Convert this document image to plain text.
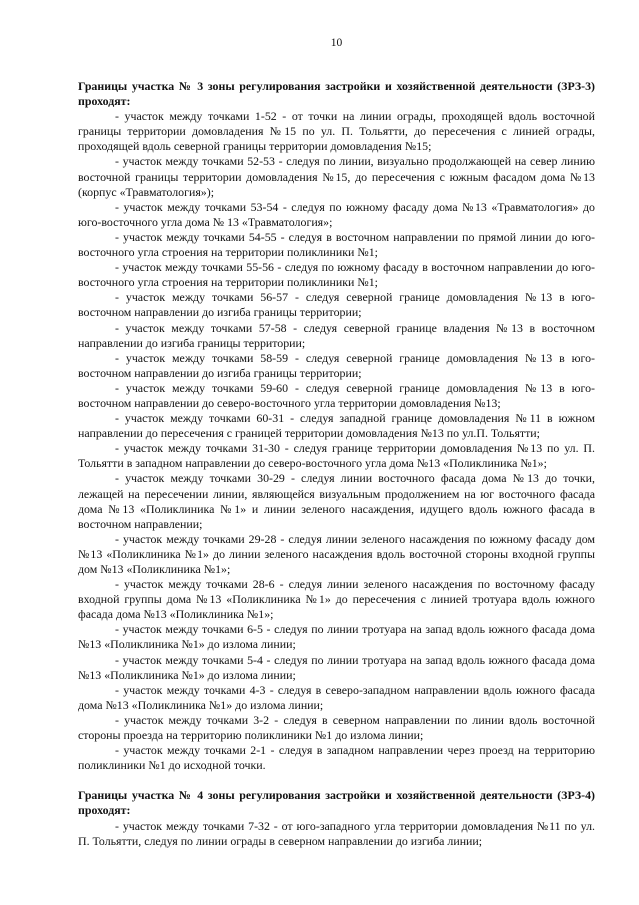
10

Границы участка № 3 зоны регулирования застройки и хозяйственной деятельности (ЗРЗ-3) проходят:

- участок между точками 1-52 - от точки на линии ограды, проходящей вдоль восточной границы территории домовладения №15 по ул. П. Тольятти, до пересечения с линией ограды, проходящей вдоль северной границы территории домовладения №15;

- участок между точками 52-53 - следуя по линии, визуально продолжающей на север линию восточной границы территории домовладения №15, до пересечения с южным фасадом дома №13 (корпус «Травматология»);

- участок между точками 53-54 - следуя по южному фасаду дома №13 «Травматология» до юго-восточного угла дома № 13 «Травматология»;

- участок между точками 54-55 - следуя в восточном направлении по прямой линии до юго-восточного угла строения на территории поликлиники №1;

- участок между точками 55-56 - следуя по южному фасаду в восточном направлении до юго-восточного угла строения на территории поликлиники №1;

- участок между точками 56-57 - следуя северной границе домовладения №13 в юго-восточном направлении до изгиба границы территории;

- участок между точками 57-58 - следуя северной границе владения №13 в восточном направлении до изгиба границы территории;

- участок между точками 58-59 - следуя северной границе домовладения №13 в юго-восточном направлении до изгиба границы территории;

- участок между точками 59-60 - следуя северной границе домовладения №13 в юго-восточном направлении до северо-восточного угла территории домовладения №13;

- участок между точками 60-31 - следуя западной границе домовладения №11 в южном направлении до пересечения с границей территории домовладения №13 по ул.П. Тольятти;

- участок между точками 31-30 - следуя границе территории домовладения №13 по ул. П. Тольятти в западном направлении до северо-восточного угла дома №13 «Поликлиника №1»;

- участок между точками 30-29 - следуя линии восточного фасада дома №13 до точки, лежащей на пересечении линии, являющейся визуальным продолжением на юг восточного фасада дома №13 «Поликлиника №1» и линии зеленого насаждения, идущего вдоль южного фасада в восточном направлении;

- участок между точками 29-28 - следуя линии зеленого насаждения по южному фасаду дом №13 «Поликлиника №1» до линии зеленого насаждения вдоль восточной стороны входной группы дом №13 «Поликлиника №1»;

- участок между точками 28-6 - следуя линии зеленого насаждения по восточному фасаду входной группы дома №13 «Поликлиника №1» до пересечения с линией тротуара вдоль южного фасада дома №13 «Поликлиника №1»;

- участок между точками 6-5 - следуя по линии тротуара на запад вдоль южного фасада дома №13 «Поликлиника №1» до излома линии;

- участок между точками 5-4 - следуя по линии тротуара на запад вдоль южного фасада дома №13 «Поликлиника №1» до излома линии;

- участок между точками 4-3 - следуя в северо-западном направлении вдоль южного фасада дома №13 «Поликлиника №1» до излома линии;

- участок между точками 3-2 - следуя в северном направлении по линии вдоль восточной стороны проезда на территорию поликлиники №1 до излома линии;

- участок между точками 2-1 - следуя в западном направлении через проезд на территорию поликлиники №1 до исходной точки.

Границы участка № 4 зоны регулирования застройки и хозяйственной деятельности (ЗРЗ-4) проходят:

- участок между точками 7-32 - от юго-западного угла территории домовладения №11 по ул. П. Тольятти, следуя по линии ограды в северном направлении до изгиба линии;
